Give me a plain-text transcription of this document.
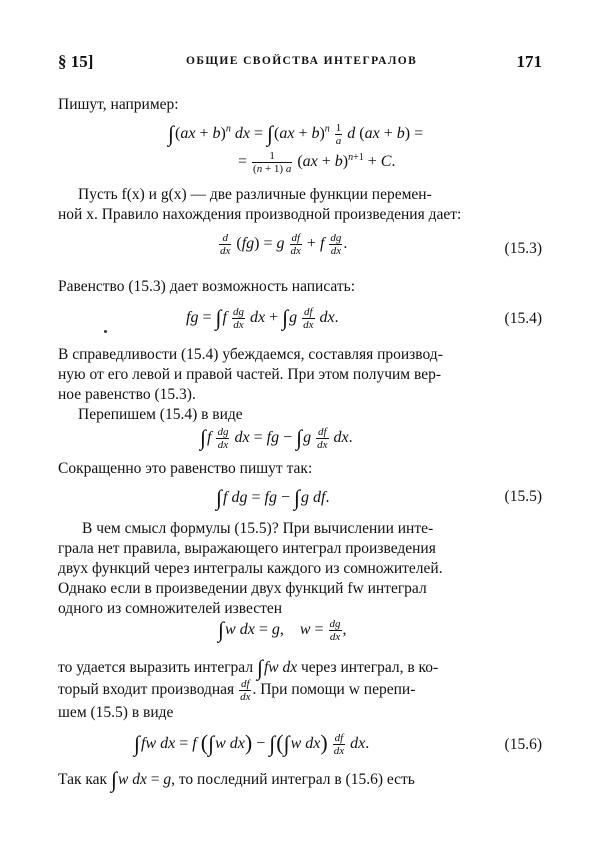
§ 15]	ОБЩИЕ СВОЙСТВА ИНТЕГРАЛОВ	171
Пишут, например:
∫(ax + b)$^n$ dx = $\int(ax + b)^n \frac{1}{a}$ d (ax + b) =
= $\frac{1}{(n + 1) a} (ax + b)^{n+1} + C$.
Пусть f(x) и g(x) — две различные функции перемен-
ной x. Правило нахождения производной произведения дает:
$\frac{d}{dx} (fg) = g \frac{df}{dx} + f \frac{dg}{dx}$ .	(15.3)
Равенство (15.3) дает возможность написать:
fg = $\int f \frac{dg}{dx}$ dx + $\int g \frac{df}{dx}$ dx.	(15.4)
В справедливости (15.4) убеждаемся, составляя производ-
ную от его левой и правой частей. При этом получим вер-
ное равенство (15.3).
Перепишем (15.4) в виде
$\int f \frac{dg}{dx}$ dx = fg − $\int g \frac{df}{dx}$ dx.
Сокращенно это равенство пишут так:
∫f dg = fg − ∫g df.	(15.5)
В чем смысл формулы (15.5)? При вычислении инте-
грала нет правила, выражающего интеграл произведения
двух функций через интегралы каждого из сомножителей.
Однако если в произведении двух функций fw интеграл
одного из сомножителей известен
∫w dx = g,    $w = \frac{dg}{dx}$ ,
то удается выразить интеграл ∫fw dx через интеграл, в ко-
торый входит производная $\frac{df}{dx}$ . При помощи w перепи-
шем (15.5) в виде
∫fw dx = f (∫w dx) − ∫(∫w $dx) \frac{df}{dx}$ dx.	(15.6)
Так как ∫w dx = g, то последний интеграл в (15.6) есть
